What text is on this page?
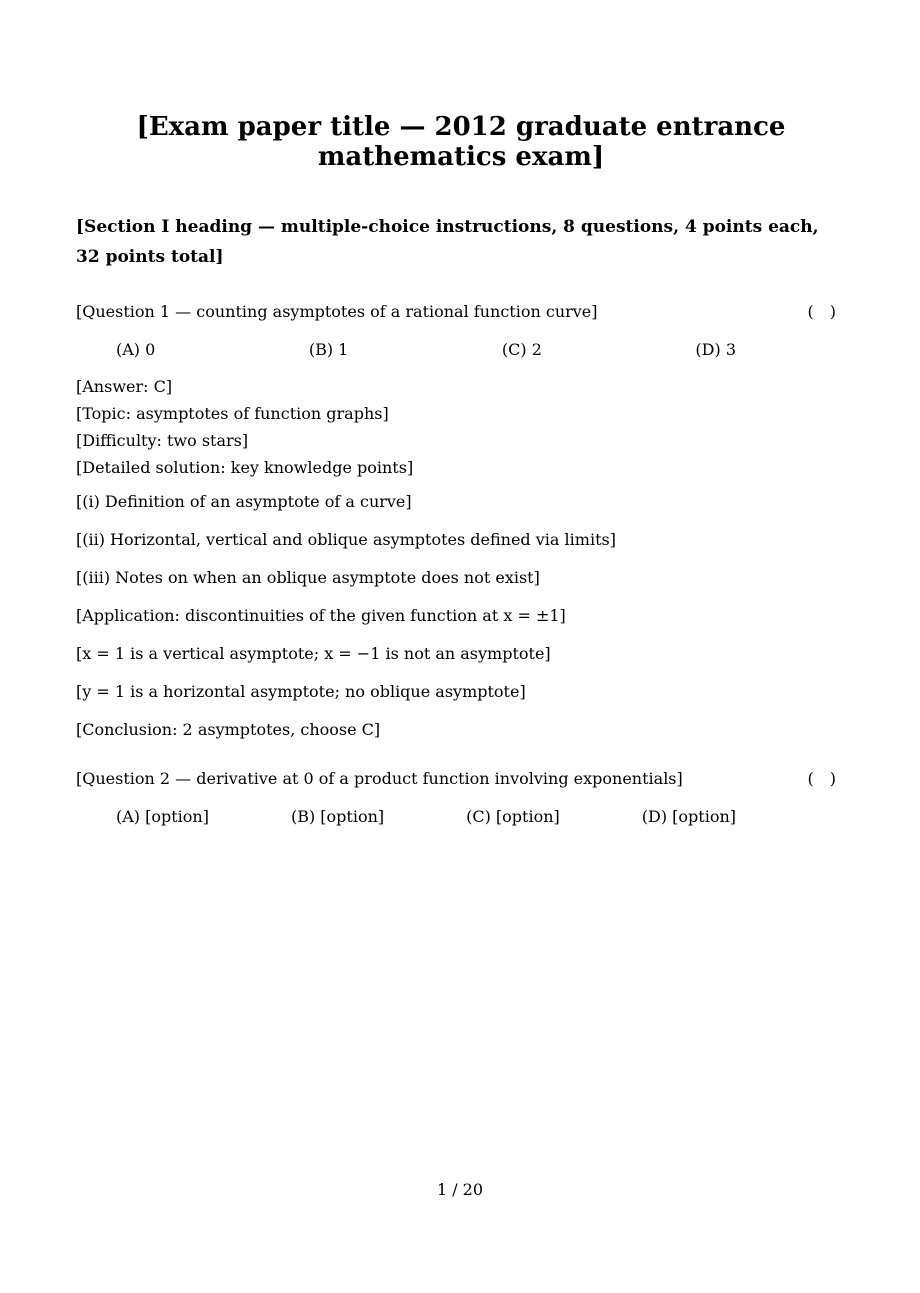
[Exam paper title — 2012 graduate entrance mathematics exam]
[Section I heading — multiple-choice instructions, 8 questions, 4 points each, 32 points total]
(　)
[Question 1 — counting asymptotes of a rational function curve]
(A) 0	(B) 1	(C) 2	(D) 3
[Answer: C]
[Topic: asymptotes of function graphs]
[Difficulty: two stars]
[Detailed solution: key knowledge points]
[(i) Definition of an asymptote of a curve]
[(ii) Horizontal, vertical and oblique asymptotes defined via limits]
[(iii) Notes on when an oblique asymptote does not exist]
[Application: discontinuities of the given function at x = ±1]
[x = 1 is a vertical asymptote; x = −1 is not an asymptote]
[y = 1 is a horizontal asymptote; no oblique asymptote]
[Conclusion: 2 asymptotes, choose C]
(　)
[Question 2 — derivative at 0 of a product function involving exponentials]
(A) [option]	(B) [option]	(C) [option]	(D) [option]
1 / 20
